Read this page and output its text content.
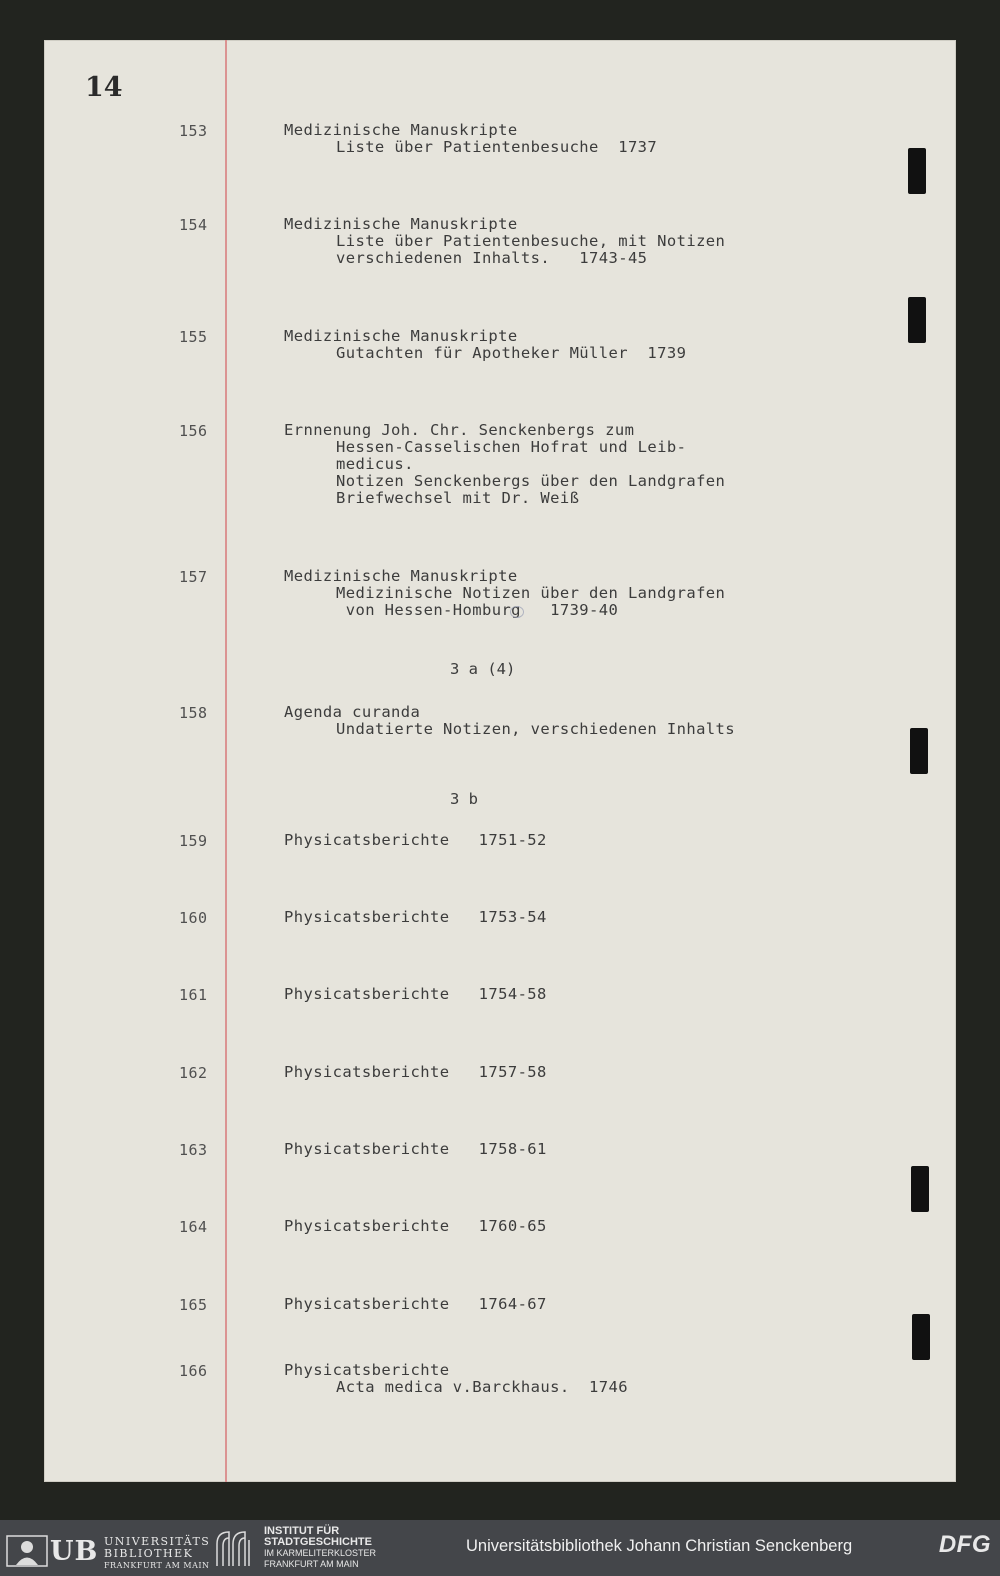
14
3 a (4)
3 b
153	Medizinische Manuskripte
Liste über Patientenbesuche  1737
154	Medizinische Manuskripte
Liste über Patientenbesuche, mit Notizen
verschiedenen Inhalts.   1743-45
155	Medizinische Manuskripte
Gutachten für Apotheker Müller  1739
156	Ernnenung Joh. Chr. Senckenbergs zum
Hessen-Casselischen Hofrat und Leib-
medicus.
Notizen Senckenbergs über den Landgrafen
Briefwechsel mit Dr. Weiß
157	Medizinische Manuskripte
Medizinische Notizen über den Landgrafen
von Hessen-Homburg   1739-40
158	Agenda curanda
Undatierte Notizen, verschiedenen Inhalts
159	Physicatsberichte   1751-52
160	Physicatsberichte   1753-54
161	Physicatsberichte   1754-58
162	Physicatsberichte   1757-58
163	Physicatsberichte   1758-61
164	Physicatsberichte   1760-65
165	Physicatsberichte   1764-67
166	Physicatsberichte
Acta medica v.Barckhaus.  1746
UB UNIVERSITÄTS
BIBLIOTHEK
FRANKFURT AM MAIN
INSTITUT FÜR
STADTGESCHICHTE
IM KARMELITERKLOSTER
FRANKFURT AM MAIN
Universitätsbibliothek Johann Christian Senckenberg	DFG
